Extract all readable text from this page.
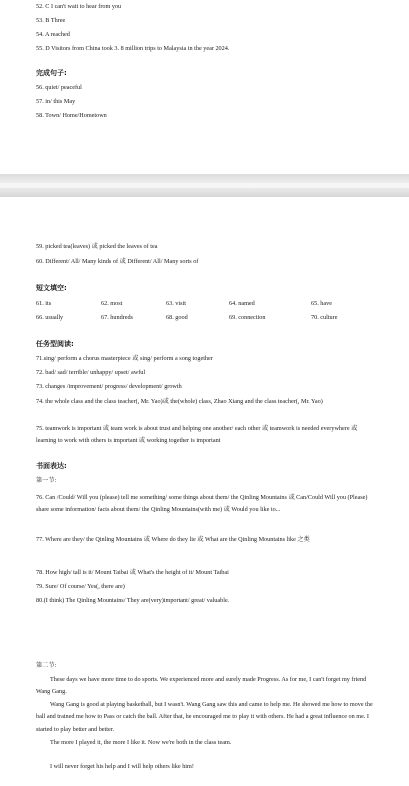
52. C I can't wait to hear from you
53. B Three
54. A reached
55. D Visitors from China took 3. 8 million trips to Malaysia in the year 2024.
完成句子:
56. quiet/ peaceful
57. in/ this May
58. Town/ Home/Hometown
59. picked tea(leaves) 或 picked the leaves of tea
60. Different/ All/ Many kinds of 或 Different/ All/ Many sorts of
短文填空:
61. its	62. most	63. visit	64. named	65. have
66. usually	67. hundreds	68. good	69. connection	70. culture
任务型阅读:
71.sing/ perform a chorus masterpiece 或 sing/ perform a song together
72. bad/ sad/ terrible/ unhappy/ upset/ awful
73. changes /improvement/ progress/ development/ growth
74. the whole class and the class teacher(, Mr. Yao)或 the(whole) class, Zhao Xiang and the class teacher(, Mr. Yao)
75. teamwork is important 或 team work is about trust and helping one another/ each other 或 teamwork is needed everywhere 或 learning to work with others is important 或 working together is important
书面表达:
第一节:
76. Can /Could/ Will you (please) tell me something/ some things about them/ the Qinling Mountains 或 Can/Could Will you (Please) share some information/ facts about them/ the Qinling Mountains(with me) 或 Would you like to...
77. Where are they/ the Qinling Mountains 或 Where do they lie 或 What are the Qinling Mountains like 之类
78. How high/ tall is it/ Mount Taibai 或 What's the height of it/ Mount Taibai
79. Sure/ Of course/ Yes(, there are)
80.(I think) The Qinling Mountains/ They are(very)important/ great/ valuable.
第二节:
These days we have more time to do sports. We experienced more and surely made Progress. As for me, I can't forget my friend Wang Gang.
Wang Gang is good at playing basketball, but I wasn't. Wang Gang saw this and came to help me. He showed me how to move the ball and trained me how to Pass or catch the ball. After that, he encouraged me to play it with others. He had a great influence on me. I started to play better and better.
The more I played it, the more I like it. Now we're both in the class team.
I will never forget his help and I will help others like him!
